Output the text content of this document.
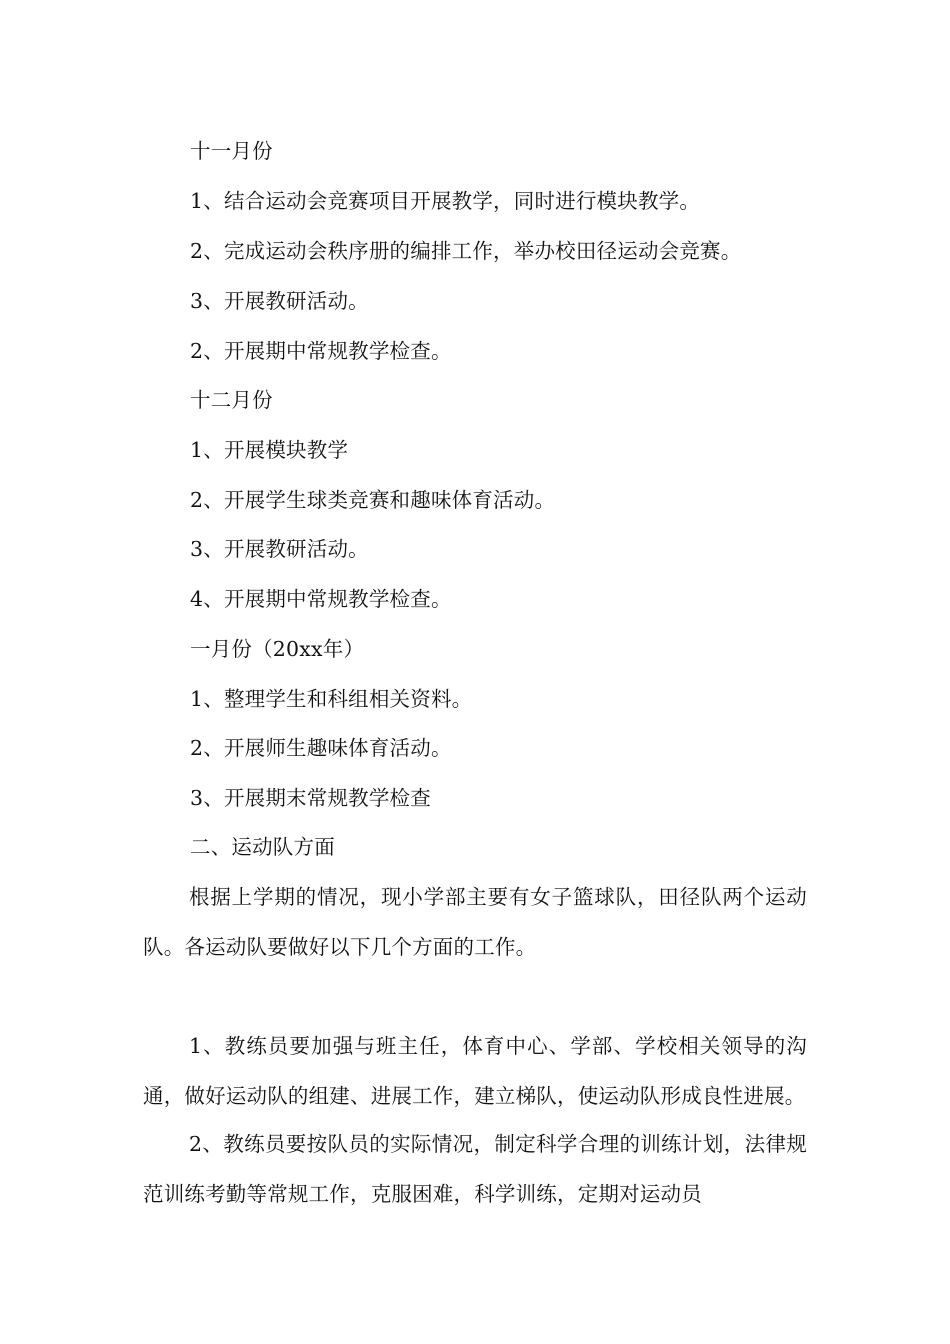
十一月份
1、结合运动会竞赛项目开展教学，同时进行模块教学。
2、完成运动会秩序册的编排工作，举办校田径运动会竞赛。
3、开展教研活动。
2、开展期中常规教学检查。
十二月份
1、开展模块教学
2、开展学生球类竞赛和趣味体育活动。
3、开展教研活动。
4、开展期中常规教学检查。
一月份（20xx年）
1、整理学生和科组相关资料。
2、开展师生趣味体育活动。
3、开展期末常规教学检查
二、运动队方面
根据上学期的情况，现小学部主要有女子篮球队，田径队两个运动队。各运动队要做好以下几个方面的工作。
1、教练员要加强与班主任，体育中心、学部、学校相关领导的沟通，做好运动队的组建、进展工作，建立梯队，使运动队形成良性进展。
2、教练员要按队员的实际情况，制定科学合理的训练计划，法律规范训练考勤等常规工作，克服困难，科学训练，定期对运动员
